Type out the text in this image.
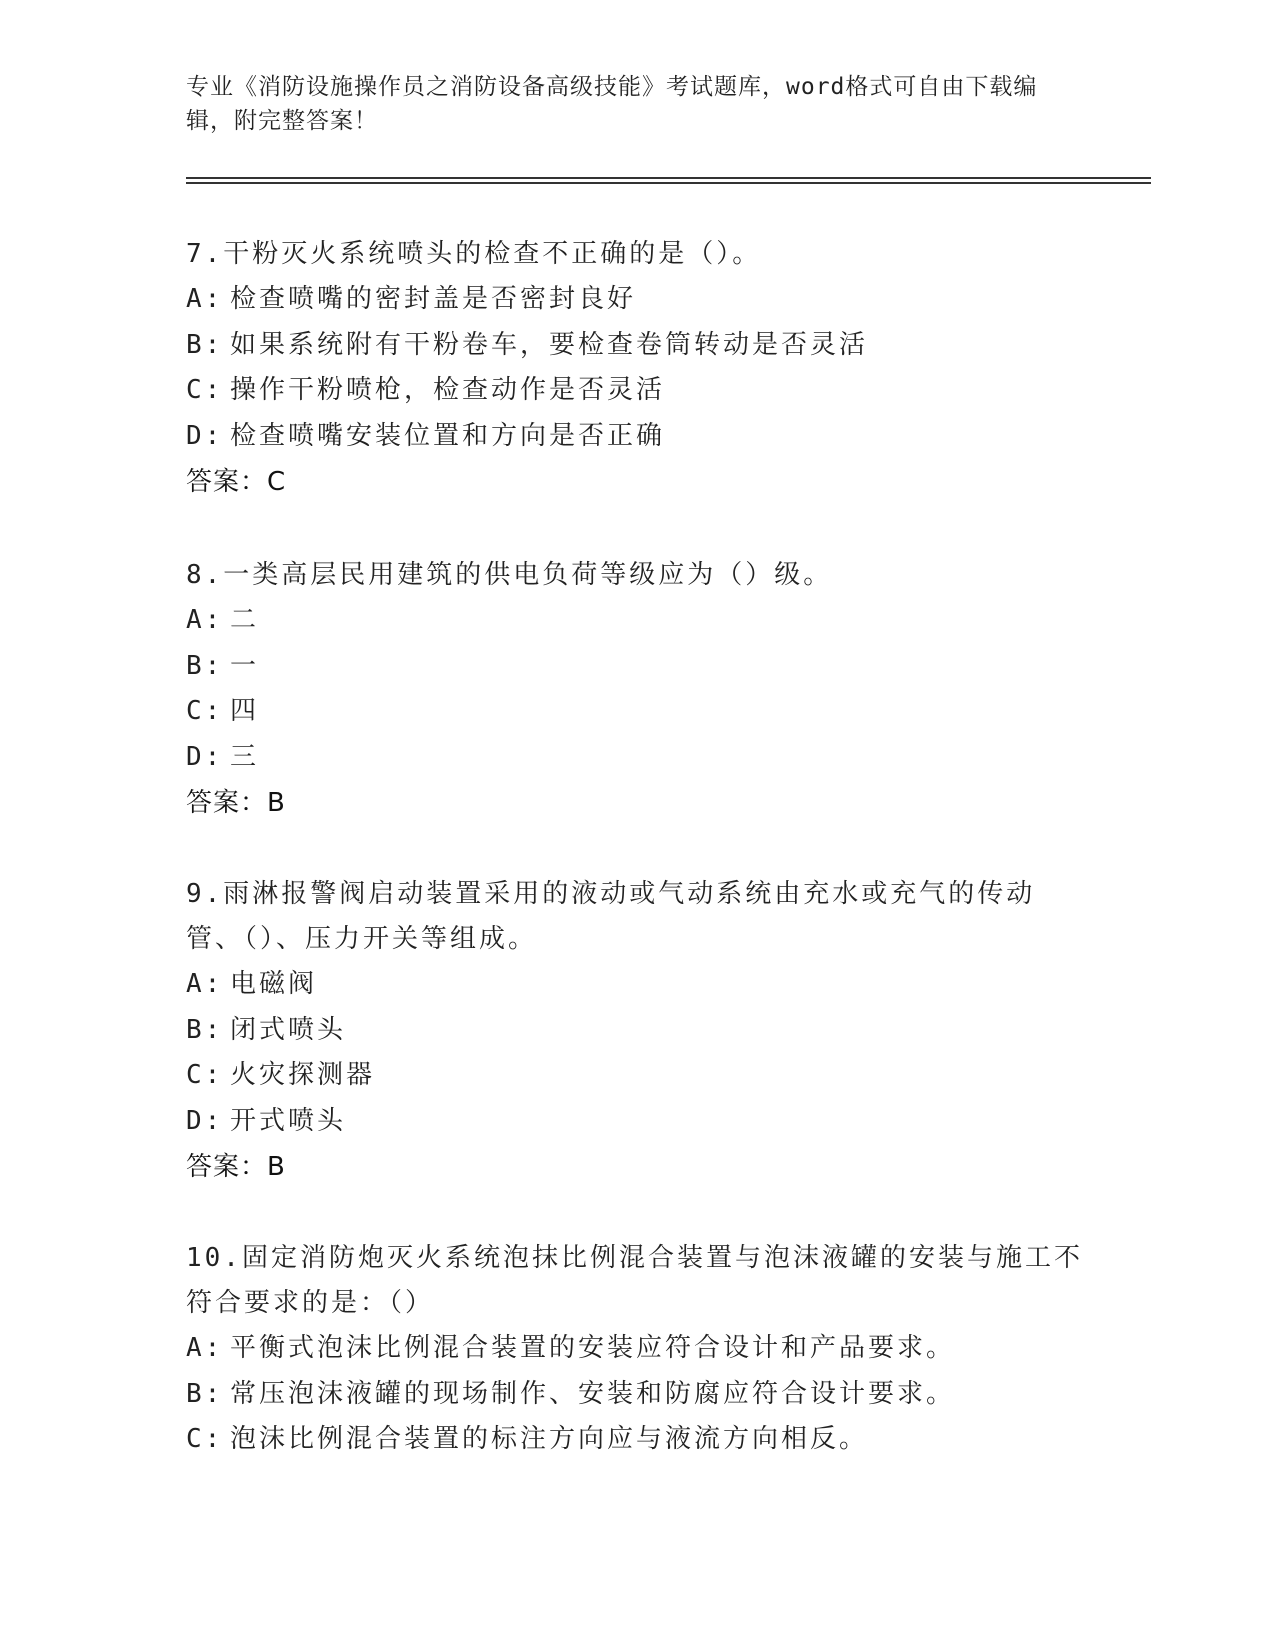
专业《消防设施操作员之消防设备高级技能》考试题库，word格式可自由下载编辑，附完整答案！
7.干粉灭火系统喷头的检查不正确的是（）。
A: 检查喷嘴的密封盖是否密封良好
B: 如果系统附有干粉卷车，要检查卷筒转动是否灵活
C: 操作干粉喷枪，检查动作是否灵活
D: 检查喷嘴安装位置和方向是否正确
答案：C
8.一类高层民用建筑的供电负荷等级应为（）级。
A: 二
B: 一
C: 四
D: 三
答案：B
9.雨淋报警阀启动装置采用的液动或气动系统由充水或充气的传动管、（）、压力开关等组成。
A: 电磁阀
B: 闭式喷头
C: 火灾探测器
D: 开式喷头
答案：B
10.固定消防炮灭火系统泡抹比例混合装置与泡沫液罐的安装与施工不符合要求的是：（）
A: 平衡式泡沫比例混合装置的安装应符合设计和产品要求。
B: 常压泡沫液罐的现场制作、安装和防腐应符合设计要求。
C: 泡沫比例混合装置的标注方向应与液流方向相反。
